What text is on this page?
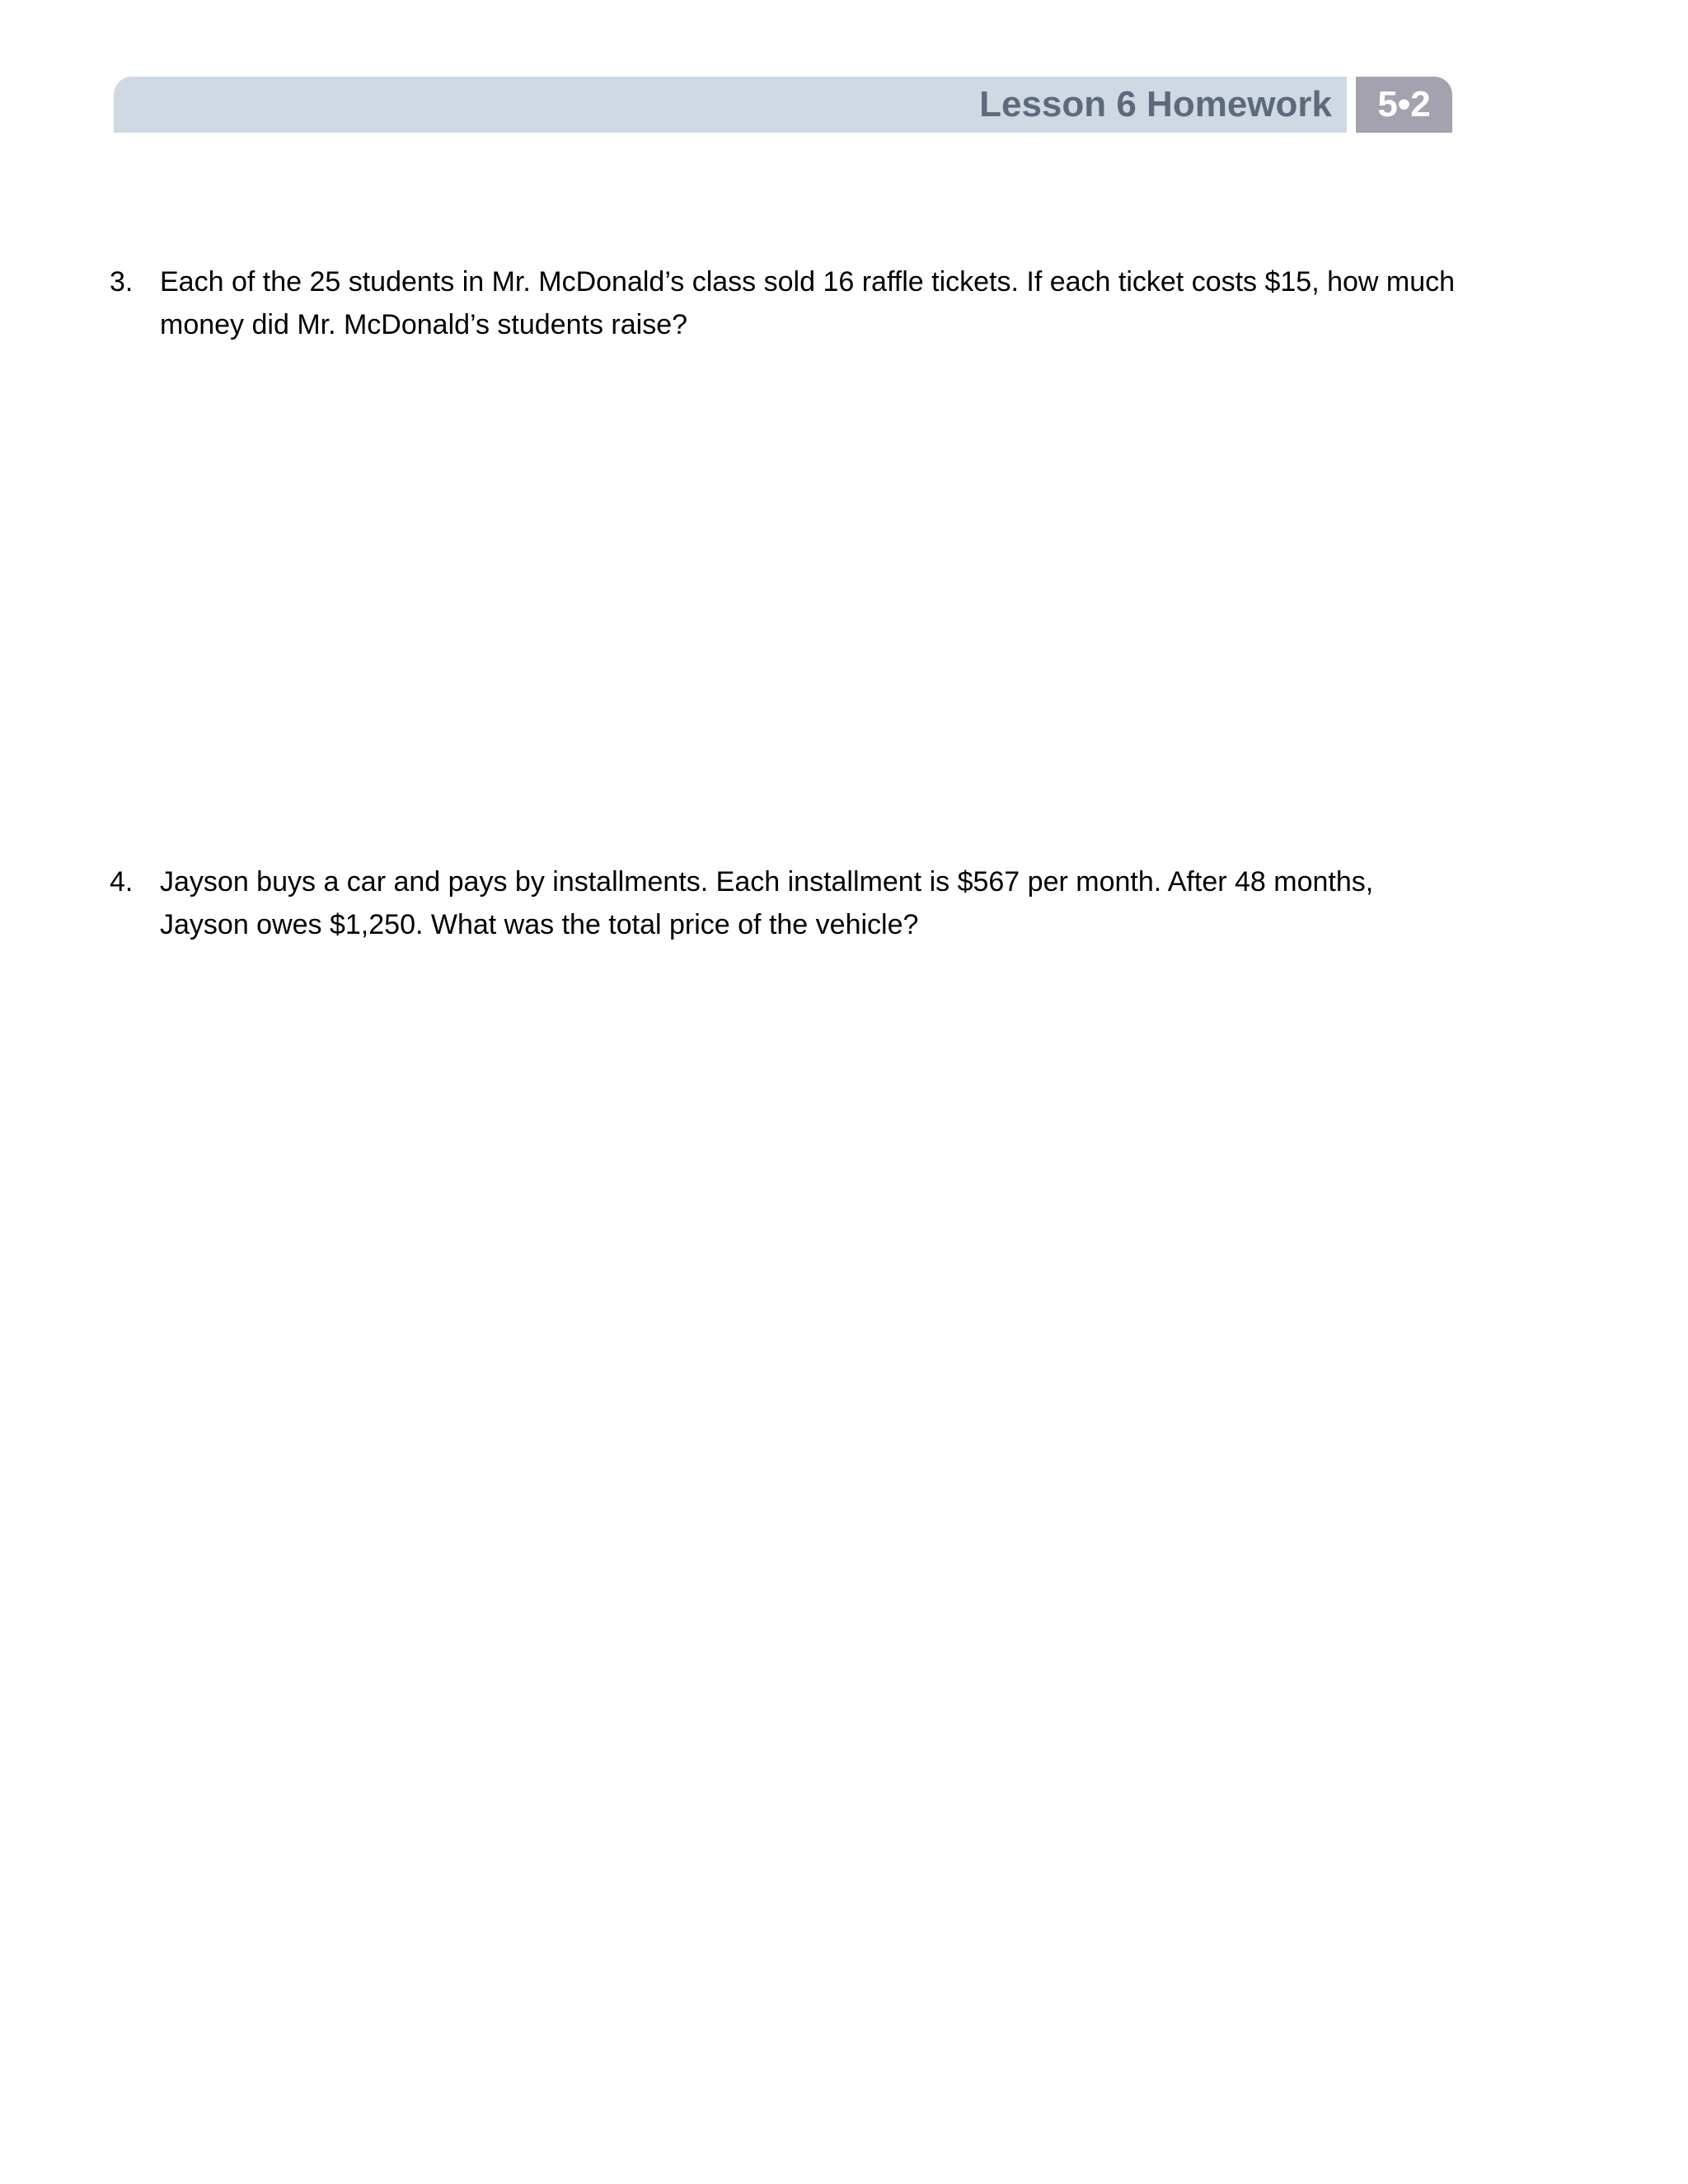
Lesson 6 Homework	5•2
3. Each of the 25 students in Mr. McDonald’s class sold 16 raffle tickets. If each ticket costs $15, how much money did Mr. McDonald’s students raise?
4. Jayson buys a car and pays by installments. Each installment is $567 per month. After 48 months, Jayson owes $1,250. What was the total price of the vehicle?
